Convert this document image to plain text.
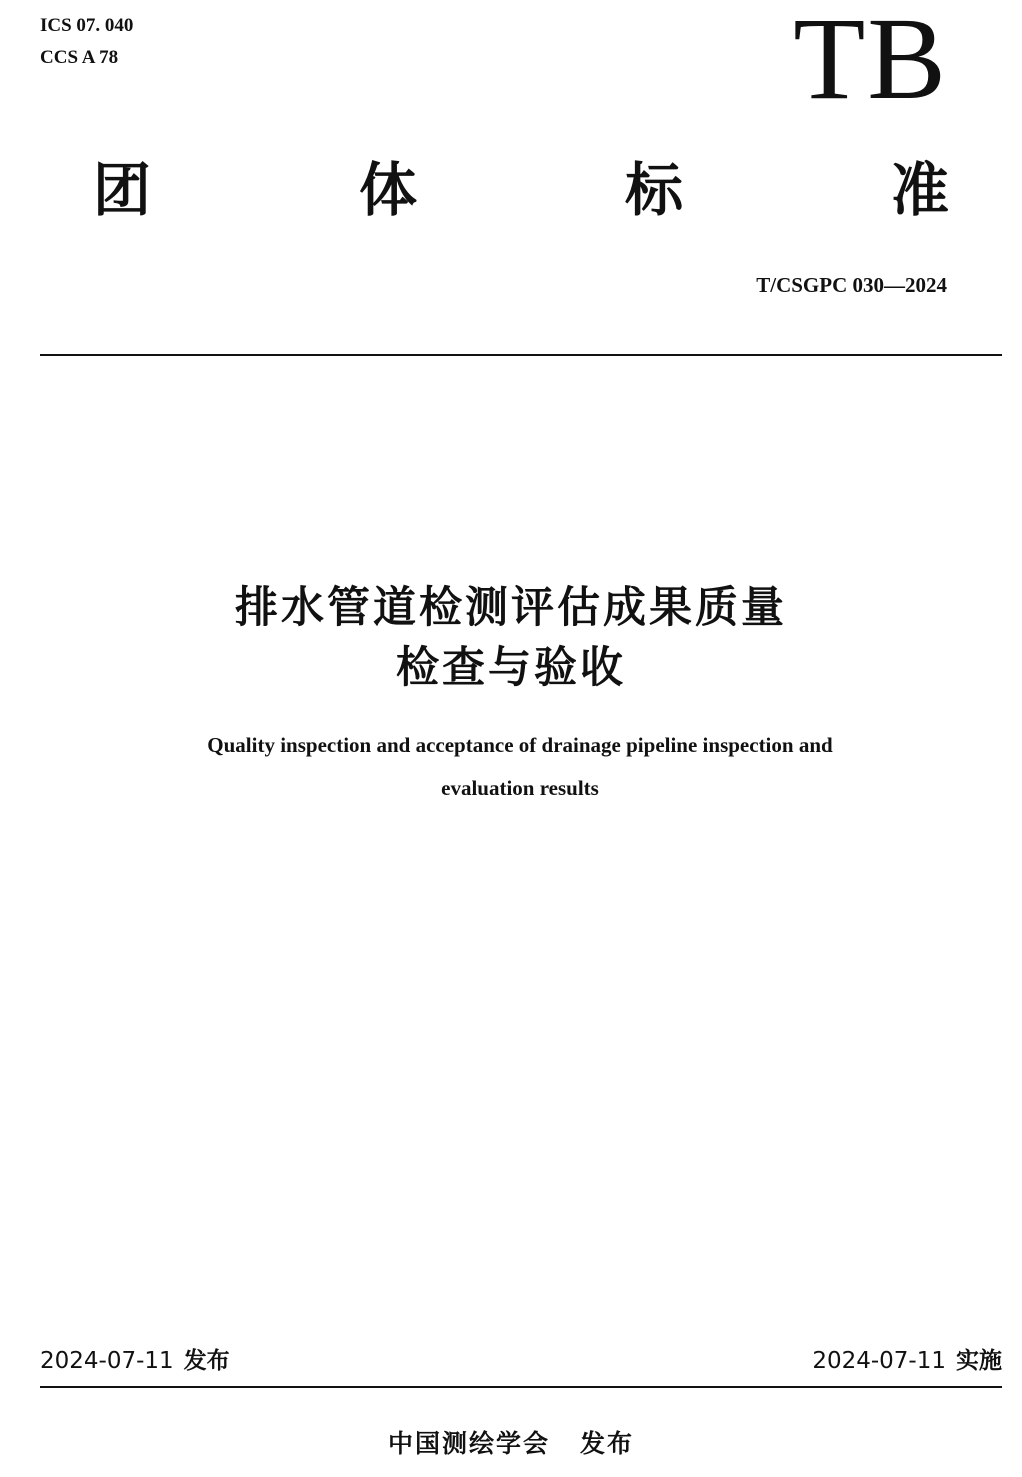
ICS 07. 040
CCS A 78	TB
团	体	标	准
T/CSGPC 030—2024
排水管道检测评估成果质量
检查与验收
Quality inspection and acceptance of drainage pipeline inspection and
evaluation results
2024-07-11 发布	2024-07-11 实施
中国测绘学会 发布
